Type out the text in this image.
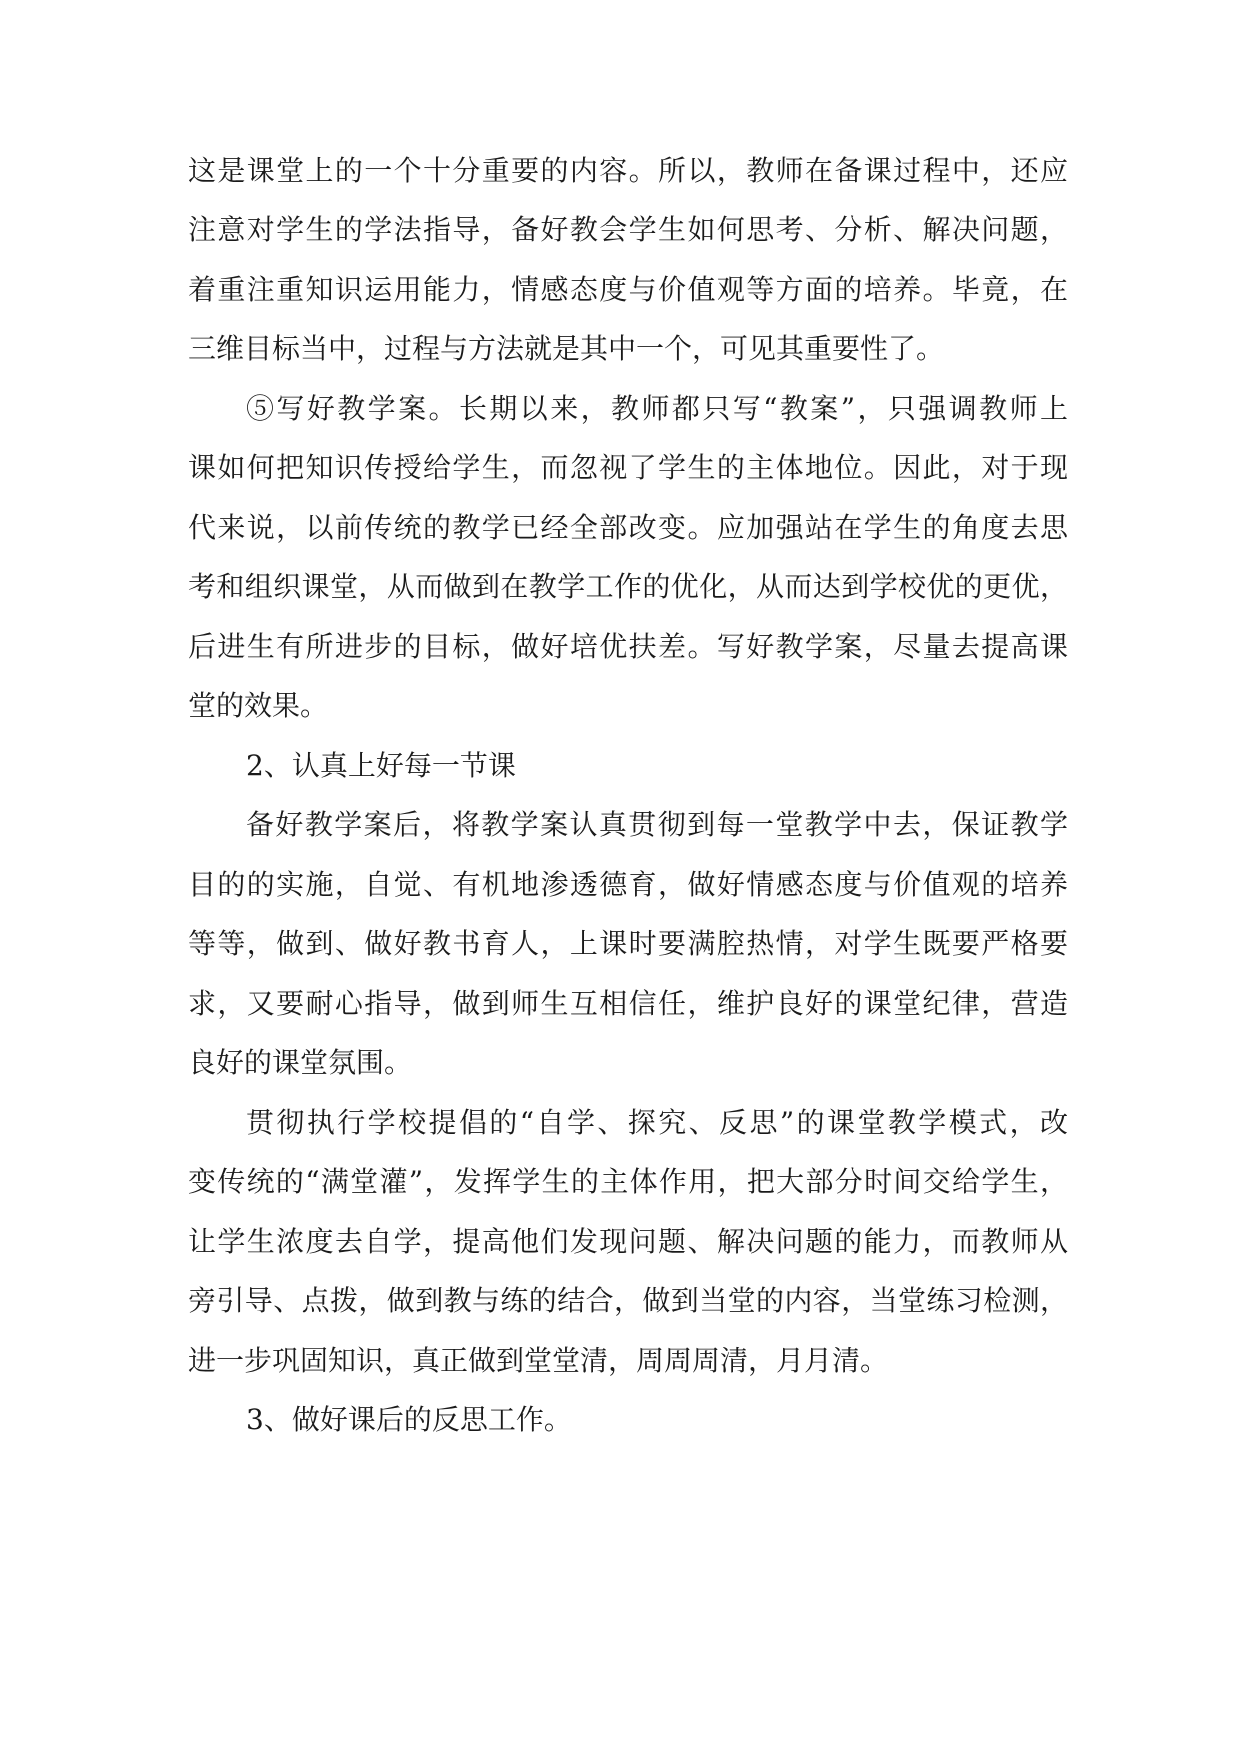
这是课堂上的一个十分重要的内容。所以，教师在备课过程中，还应
注意对学生的学法指导，备好教会学生如何思考、分析、解决问题，
着重注重知识运用能力，情感态度与价值观等方面的培养。毕竟，在
三维目标当中，过程与方法就是其中一个，可见其重要性了。
⑤写好教学案。长期以来，教师都只写“教案”，只强调教师上
课如何把知识传授给学生，而忽视了学生的主体地位。因此，对于现
代来说，以前传统的教学已经全部改变。应加强站在学生的角度去思
考和组织课堂，从而做到在教学工作的优化，从而达到学校优的更优，
后进生有所进步的目标，做好培优扶差。写好教学案，尽量去提高课
堂的效果。
2、认真上好每一节课
备好教学案后，将教学案认真贯彻到每一堂教学中去，保证教学
目的的实施，自觉、有机地渗透德育，做好情感态度与价值观的培养
等等，做到、做好教书育人，上课时要满腔热情，对学生既要严格要
求，又要耐心指导，做到师生互相信任，维护良好的课堂纪律，营造
良好的课堂氛围。
贯彻执行学校提倡的“自学、探究、反思”的课堂教学模式，改
变传统的“满堂灌”，发挥学生的主体作用，把大部分时间交给学生，
让学生浓度去自学，提高他们发现问题、解决问题的能力，而教师从
旁引导、点拨，做到教与练的结合，做到当堂的内容，当堂练习检测，
进一步巩固知识，真正做到堂堂清，周周周清，月月清。
3、做好课后的反思工作。
